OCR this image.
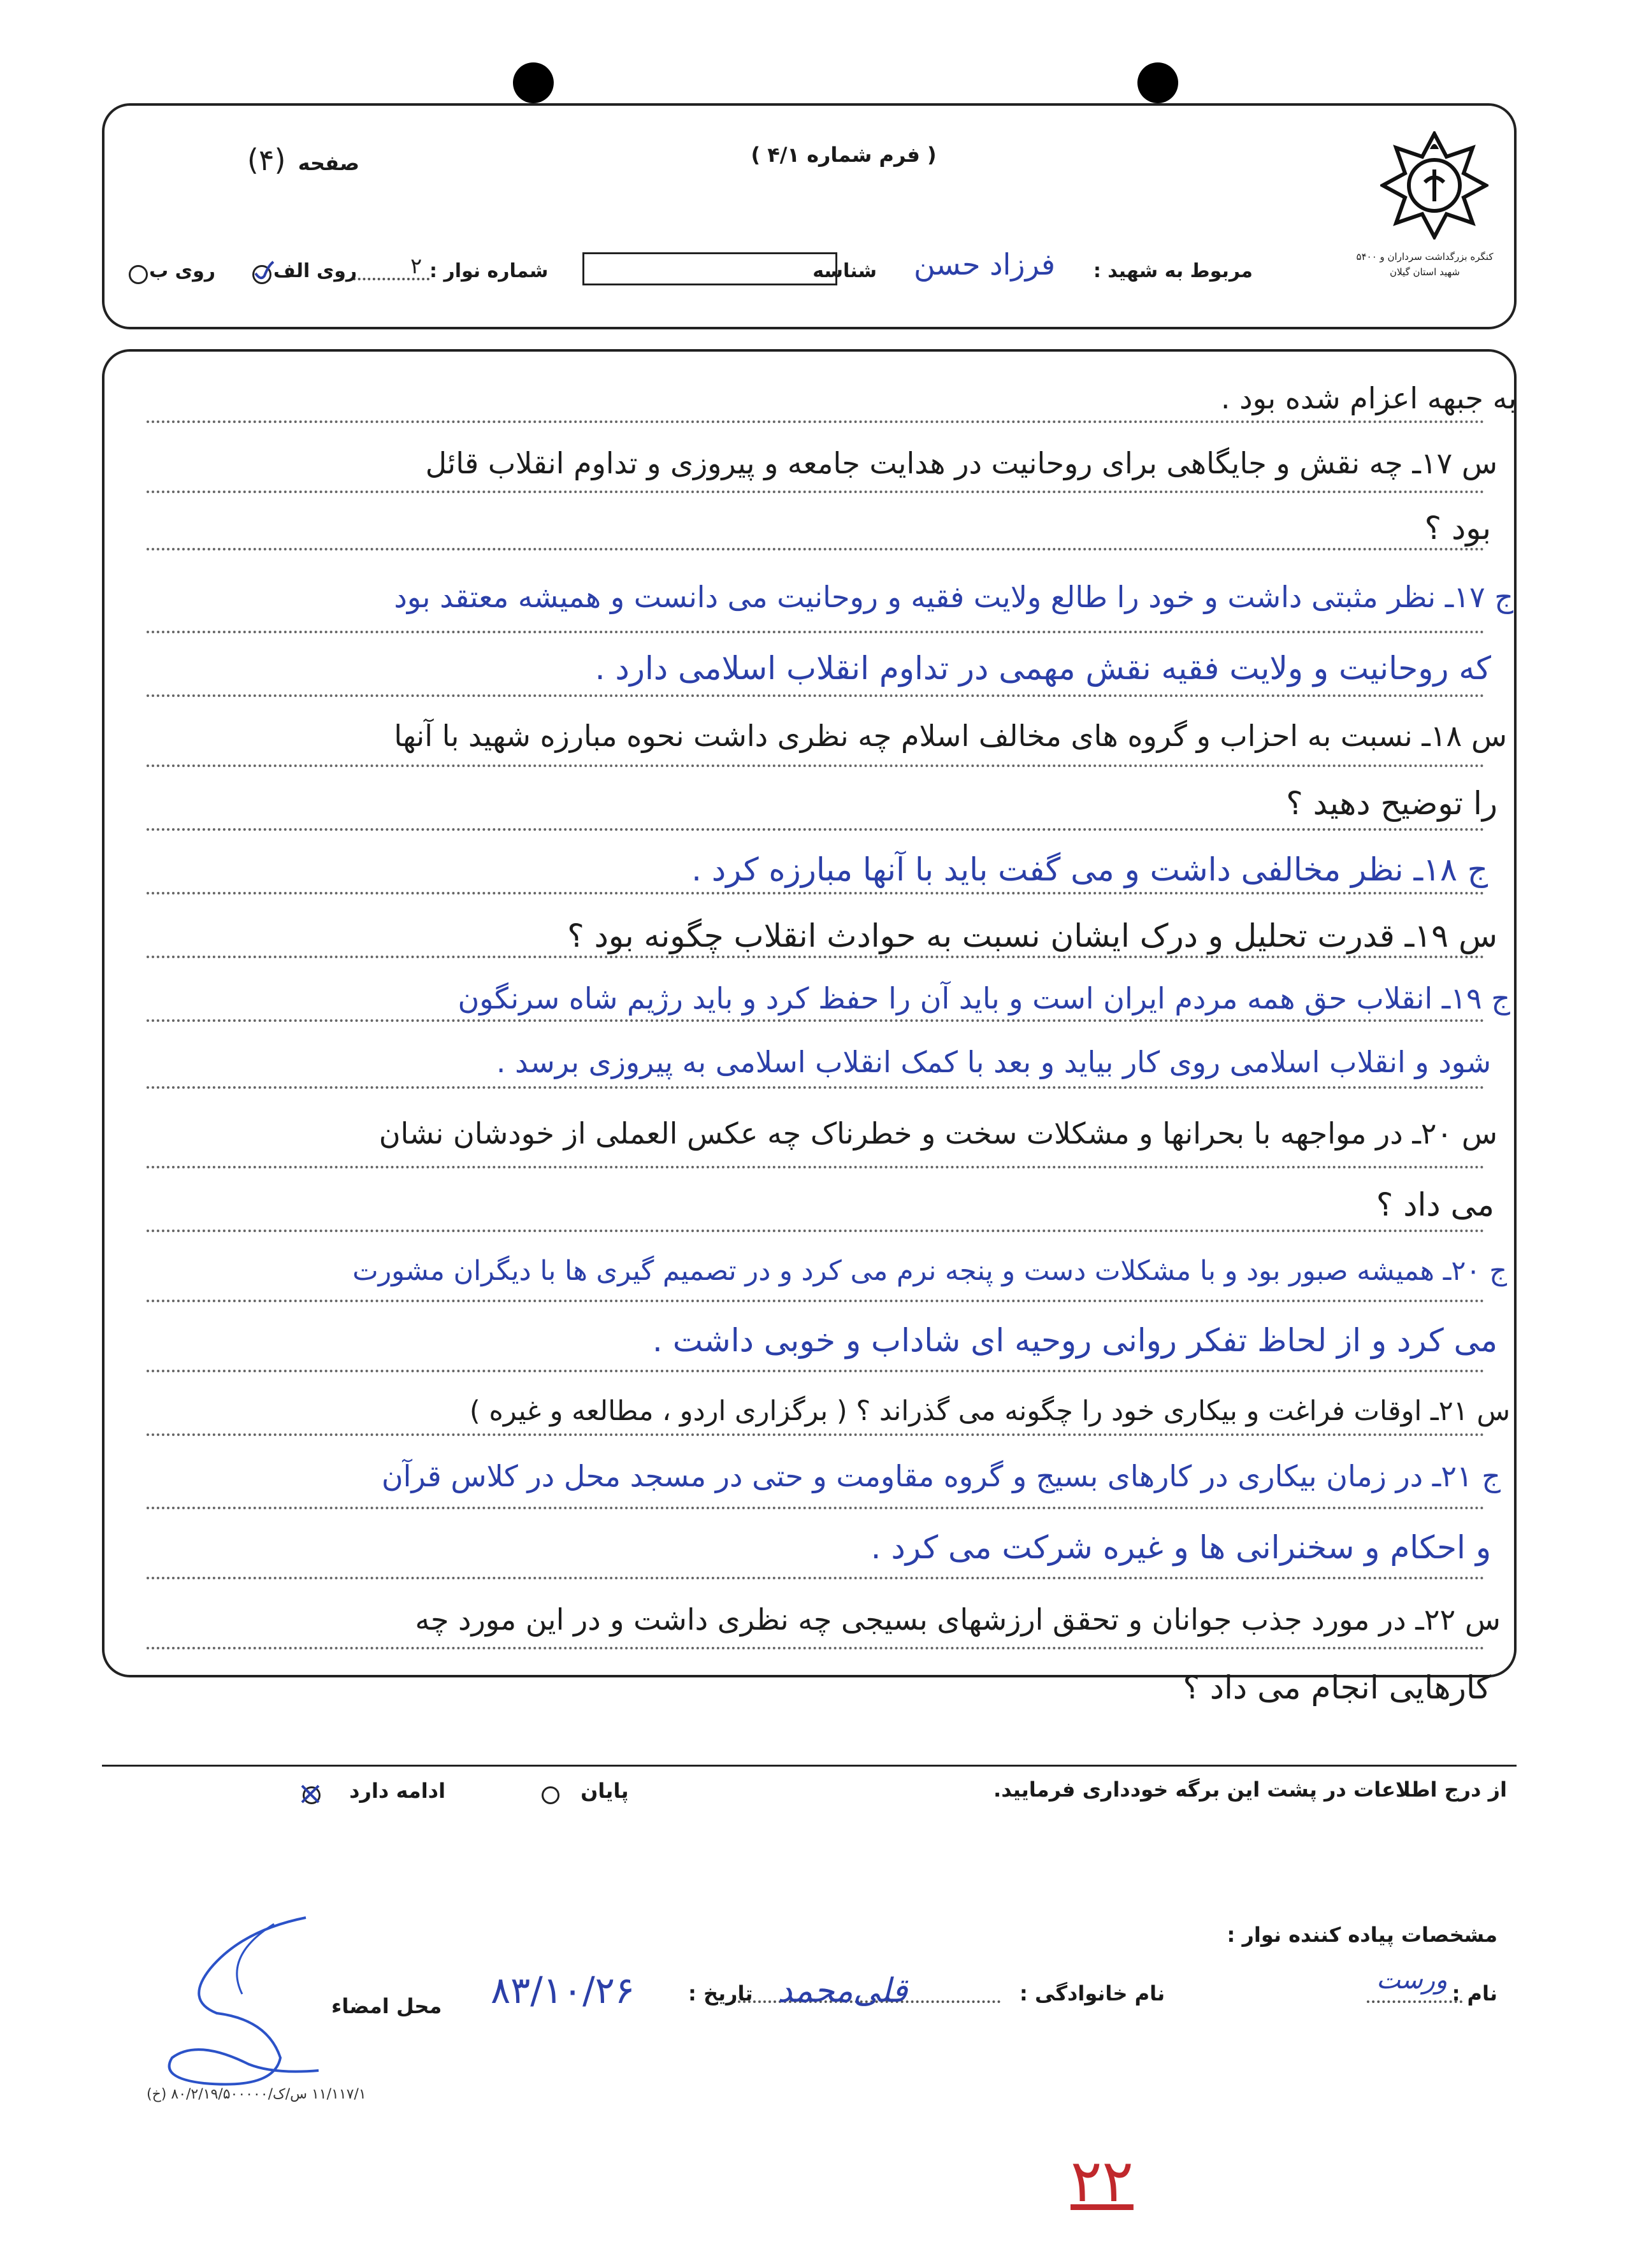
کنگره بزرگداشت سرداران و ۵۴۰۰ شهید استان گیلان
( فرم شماره ۴/۱ )
صفحه (۴)
مربوط به شهید :
فرزاد حسن
شناسه
شماره نوار :
۲
روی الف
روی ب
به جبهه اعزام شده بود .
س ۱۷ـ چه نقش و جایگاهی برای روحانیت در هدایت جامعه و پیروزی و تداوم انقلاب قائل
بود ؟
ج ۱۷ـ نظر مثبتی داشت و خود را طالع ولایت فقیه و روحانیت می دانست و همیشه معتقد بود
که روحانیت و ولایت فقیه نقش مهمی در تداوم انقلاب اسلامی دارد .
س ۱۸ـ نسبت به احزاب و گروه های مخالف اسلام چه نظری داشت نحوه مبارزه شهید با آنها
را توضیح دهید ؟
ج ۱۸ـ نظر مخالفی داشت و می گفت باید با آنها مبارزه کرد .
س ۱۹ـ قدرت تحلیل و درک ایشان نسبت به حوادث انقلاب چگونه بود ؟
ج ۱۹ـ انقلاب حق همه مردم ایران است و باید آن را حفظ کرد و باید رژیم شاه سرنگون
شود و انقلاب اسلامی روی کار بیاید و بعد با کمک انقلاب اسلامی به پیروزی برسد .
س ۲۰ـ در مواجهه با بحرانها و مشکلات سخت و خطرناک چه عکس العملی از خودشان نشان
می داد ؟
ج ۲۰ـ همیشه صبور بود و با مشکلات دست و پنجه نرم می کرد و در تصمیم گیری ها با دیگران مشورت
می کرد و از لحاظ تفکر روانی روحیه ای شاداب و خوبی داشت .
س ۲۱ـ اوقات فراغت و بیکاری خود را چگونه می گذراند ؟ ( برگزاری اردو ، مطالعه و غیره )
ج ۲۱ـ در زمان بیکاری در کارهای بسیج و گروه مقاومت و حتی در مسجد محل در کلاس قرآن
و احکام و سخنرانی ها و غیره شرکت می کرد .
س ۲۲ـ در مورد جذب جوانان و تحقق ارزشهای بسیجی چه نظری داشت و در این مورد چه
کارهایی انجام می داد ؟
از درج اطلاعات در پشت این برگه خودداری فرمایید.
پایان
ادامه دارد
مشخصات پیاده کننده نوار :
نام :
ورست
نام خانوادگی :
قلی‌محمد
تاریخ :
۸۳/۱۰/۲۶
محل امضاء
۱۱/۱۱۷/۱ س/ک/۸۰/۲/۱۹/۵۰۰۰۰۰ (خ)
۲۲
